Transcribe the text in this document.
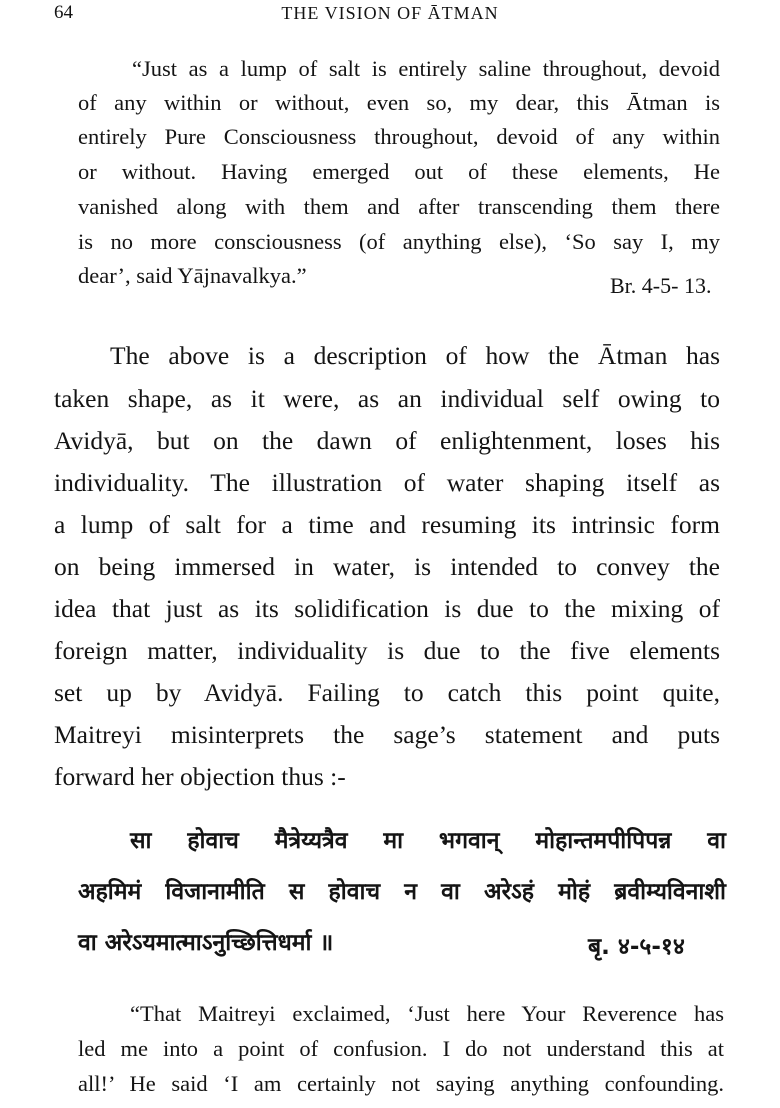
64	THE VISION OF ĀTMAN
“Just as a lump of salt is entirely saline throughout, devoid
of any within or without, even so, my dear, this Ātman is
entirely Pure Consciousness throughout, devoid of any within
or without. Having emerged out of these elements, He
vanished along with them and after transcending them there
is no more consciousness (of anything else), ‘So say I, my
dear’, said Yājnavalkya.”	Br. 4-5- 13.
The above is a description of how the Ātman has
taken shape, as it were, as an individual self owing to
Avidyā, but on the dawn of enlightenment, loses his
individuality. The illustration of water shaping itself as
a lump of salt for a time and resuming its intrinsic form
on being immersed in water, is intended to convey the
idea that just as its solidification is due to the mixing of
foreign matter, individuality is due to the five elements
set up by Avidyā. Failing to catch this point quite,
Maitreyi misinterprets the sage’s statement and puts
forward her objection thus :-
सा होवाच मैत्रेय्यत्रैव मा भगवान् मोहान्तमपीपिपन्न वा
अहमिमं विजानामीति स होवाच न वा अरेऽहं मोहं ब्रवीम्यविनाशी
वा अरेऽयमात्माऽनुच्छित्तिधर्मा ॥	बृ. ४-५-१४
“That Maitreyi exclaimed, ‘Just here Your Reverence has
led me into a point of confusion. I do not understand this at
all!’ He said ‘I am certainly not saying anything confounding.
